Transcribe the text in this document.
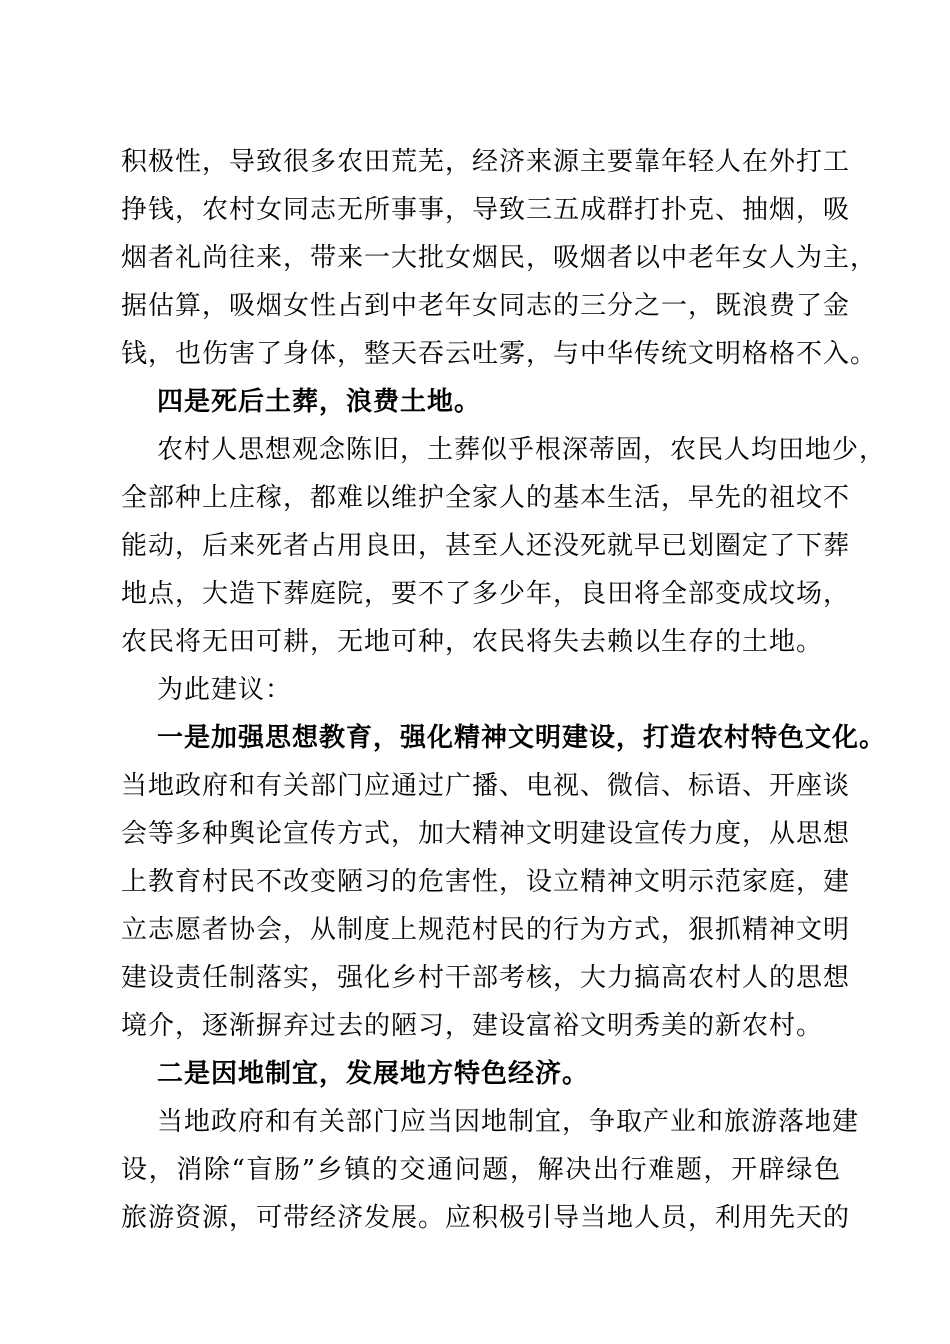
积极性，导致很多农田荒芜，经济来源主要靠年轻人在外打工
挣钱，农村女同志无所事事，导致三五成群打扑克、抽烟，吸
烟者礼尚往来，带来一大批女烟民，吸烟者以中老年女人为主，
据估算，吸烟女性占到中老年女同志的三分之一，既浪费了金
钱，也伤害了身体，整天吞云吐雾，与中华传统文明格格不入。
四是死后土葬，浪费土地。
农村人思想观念陈旧，土葬似乎根深蒂固，农民人均田地少，
全部种上庄稼，都难以维护全家人的基本生活，早先的祖坟不
能动，后来死者占用良田，甚至人还没死就早已划圈定了下葬
地点，大造下葬庭院，要不了多少年，良田将全部变成坟场，
农民将无田可耕，无地可种，农民将失去赖以生存的土地。
为此建议：
一是加强思想教育，强化精神文明建设，打造农村特色文化。
当地政府和有关部门应通过广播、电视、微信、标语、开座谈
会等多种舆论宣传方式，加大精神文明建设宣传力度，从思想
上教育村民不改变陋习的危害性，设立精神文明示范家庭，建
立志愿者协会，从制度上规范村民的行为方式，狠抓精神文明
建设责任制落实，强化乡村干部考核，大力搞高农村人的思想
境介，逐渐摒弃过去的陋习，建设富裕文明秀美的新农村。
二是因地制宜，发展地方特色经济。
当地政府和有关部门应当因地制宜，争取产业和旅游落地建
设，消除“盲肠”乡镇的交通问题，解决出行难题，开辟绿色
旅游资源，可带经济发展。应积极引导当地人员，利用先天的
